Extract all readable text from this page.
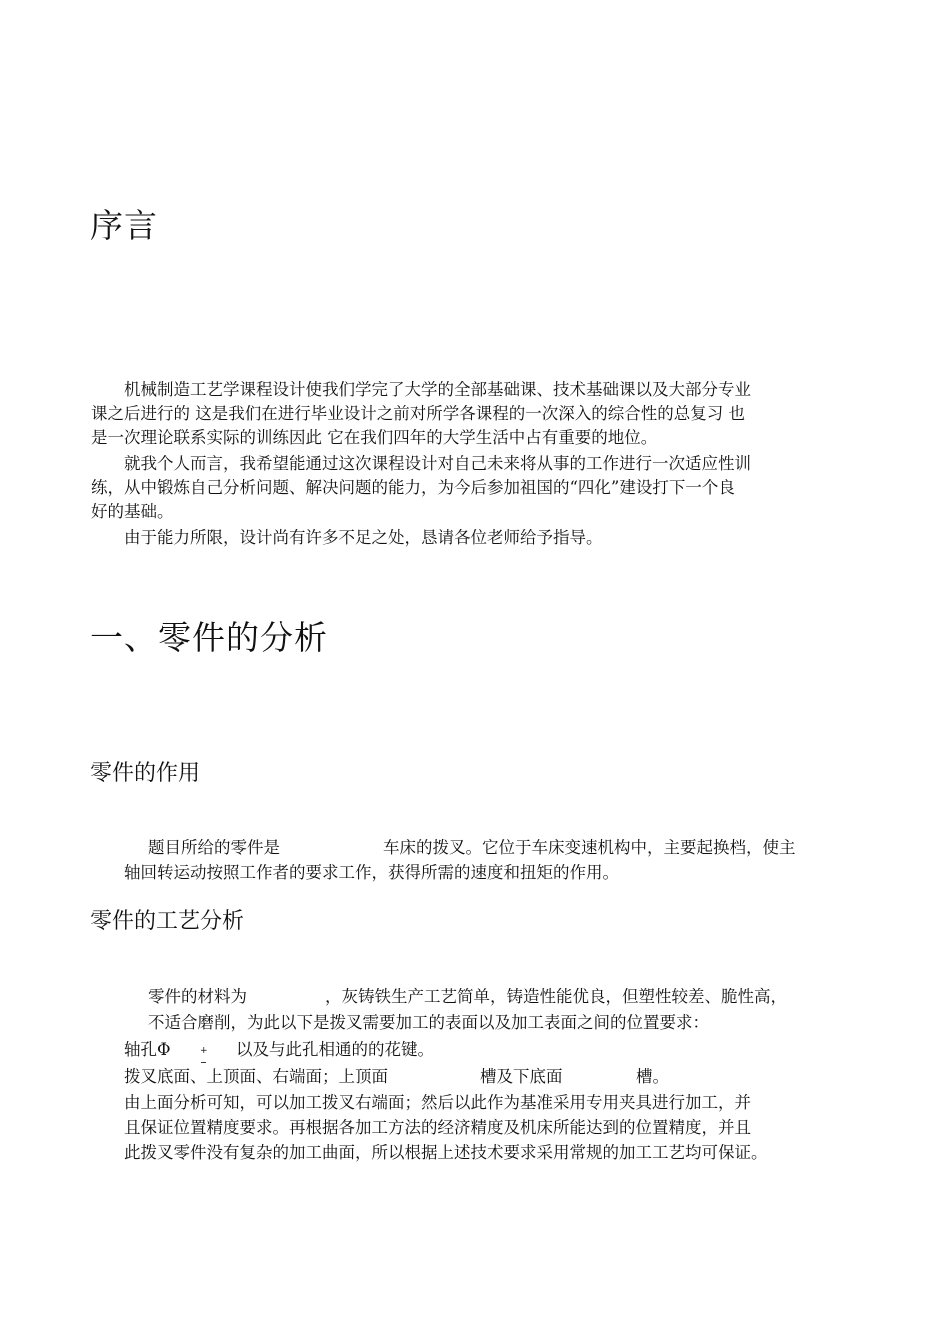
序言

机械制造工艺学课程设计使我们学完了大学的全部基础课、技术基础课以及大部分专业

课之后进行的 这是我们在进行毕业设计之前对所学各课程的一次深入的综合性的总复习 也

是一次理论联系实际的训练因此 它在我们四年的大学生活中占有重要的地位。

就我个人而言，我希望能通过这次课程设计对自己未来将从事的工作进行一次适应性训

练，从中锻炼自己分析问题、解决问题的能力，为今后参加祖国的“四化”建设打下一个良

好的基础。

由于能力所限，设计尚有许多不足之处，恳请各位老师给予指导。

一、零件的分析
零件的作用

题目所给的零件是	车床的拨叉。它位于车床变速机构中，主要起换档，使主

轴回转运动按照工作者的要求工作，获得所需的速度和扭矩的作用。

零件的工艺分析

零件的材料为	，灰铸铁生产工艺简单，铸造性能优良，但塑性较差、脆性高，

不适合磨削，为此以下是拨叉需要加工的表面以及加工表面之间的位置要求：

轴孔Φ	+ 以及与此孔相通的的花键。

拨叉底面、上顶面、右端面；上顶面	槽及下底面	槽。

由上面分析可知，可以加工拨叉右端面；然后以此作为基准采用专用夹具进行加工，并

且保证位置精度要求。再根据各加工方法的经济精度及机床所能达到的位置精度，并且

此拨叉零件没有复杂的加工曲面，所以根据上述技术要求采用常规的加工工艺均可保证。
